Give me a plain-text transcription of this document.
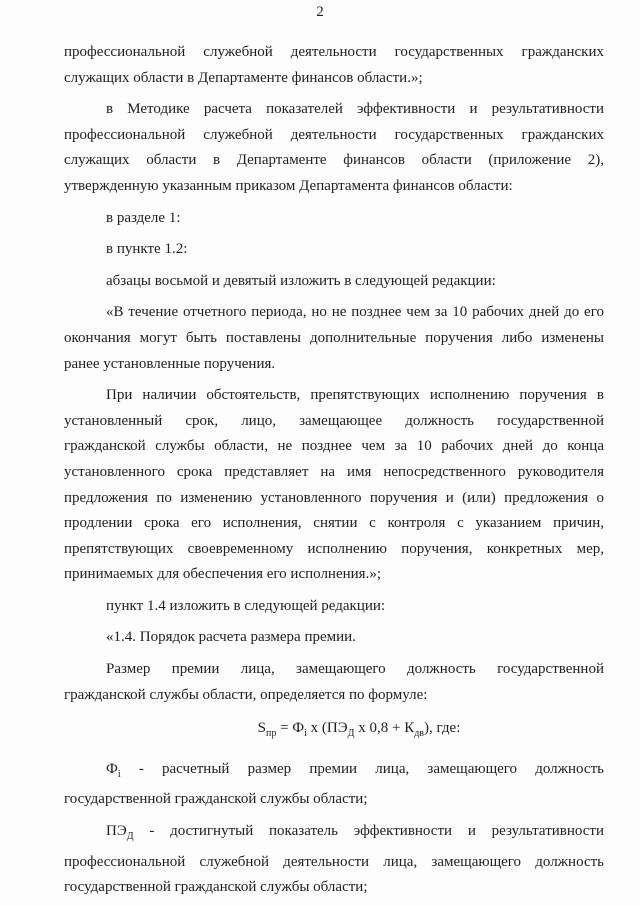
2

профессиональной служебной деятельности государственных гражданских

служащих области в Департаменте финансов области.»;

в Методике расчета показателей эффективности и результативности

профессиональной служебной деятельности государственных гражданских

служащих области в Департаменте финансов области (приложение 2),

утвержденную указанным приказом Департамента финансов области:

в разделе 1:

в пункте 1.2:

абзацы восьмой и девятый изложить в следующей редакции:

«В течение отчетного периода, но не позднее чем за 10 рабочих дней до его

окончания могут быть поставлены дополнительные поручения либо изменены

ранее установленные поручения.

При наличии обстоятельств, препятствующих исполнению поручения в

установленный срок, лицо, замещающее должность государственной

гражданской службы области, не позднее чем за 10 рабочих дней до конца

установленного срока представляет на имя непосредственного руководителя

предложения по изменению установленного поручения и (или) предложения о

продлении срока его исполнения, снятии с контроля с указанием причин,

препятствующих своевременному исполнению поручения, конкретных мер,

принимаемых для обеспечения его исполнения.»;

пункт 1.4 изложить в следующей редакции:

«1.4. Порядок расчета размера премии.

Размер премии лица, замещающего должность государственной

гражданской службы области, определяется по формуле:

$S_{пр} = Ф_i$ х ($ПЭ_Д$ х $0,8 + К_{дв}$), где:

$Ф_i$ - расчетный размер премии лица, замещающего должность

государственной гражданской службы области;

$ПЭ_Д$ - достигнутый показатель эффективности и результативности

профессиональной служебной деятельности лица, замещающего должность

государственной гражданской службы области;
